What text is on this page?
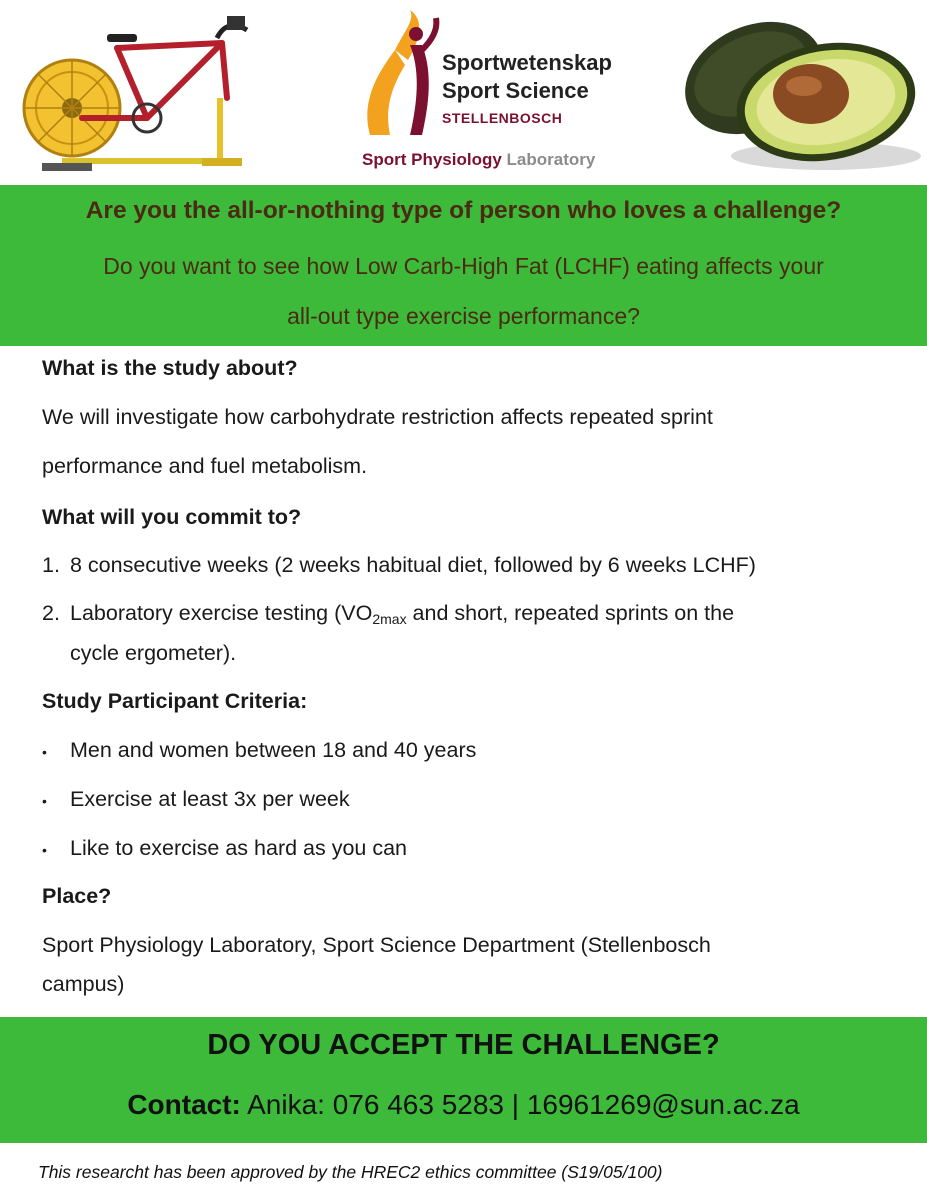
Sportwetenskap
Sport Science
STELLENBOSCH
Sport Physiology Laboratory
Are you the all-or-nothing type of person who loves a challenge?
Do you want to see how Low Carb-High Fat (LCHF) eating affects your
all-out type exercise performance?
What is the study about?
We will investigate how carbohydrate restriction affects repeated sprint
performance and fuel metabolism.
What will you commit to?
1. 8 consecutive weeks (2 weeks habitual diet, followed by 6 weeks LCHF)
2. Laboratory exercise testing ($VO_{2max}$ and short, repeated sprints on the
cycle ergometer).
Study Participant Criteria:
• Men and women between 18 and 40 years
• Exercise at least 3x per week
• Like to exercise as hard as you can
Place?
Sport Physiology Laboratory, Sport Science Department (Stellenbosch
campus)
DO YOU ACCEPT THE CHALLENGE?
Contact: Anika: 076 463 5283 | 16961269@sun.ac.za
This researcht has been approved by the HREC2 ethics committee (S19/05/100)
